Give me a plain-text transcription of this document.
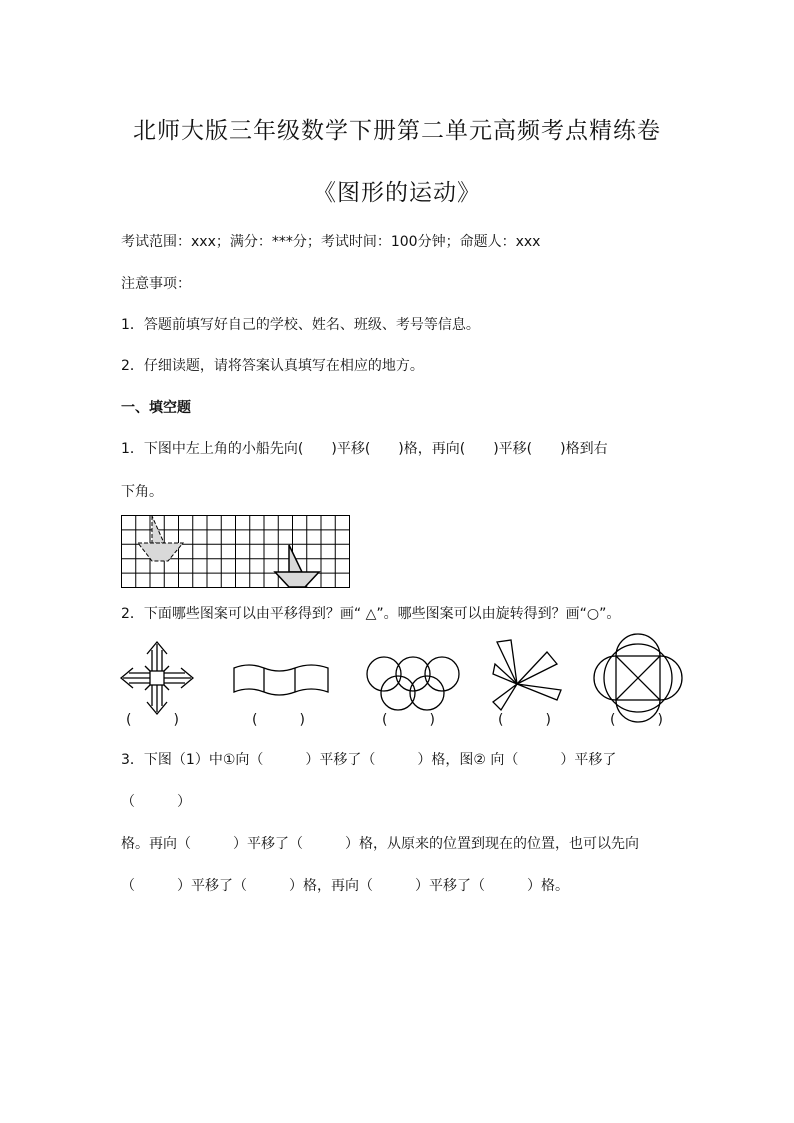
北师大版三年级数学下册第二单元高频考点精练卷
《图形的运动》
考试范围：xxx；满分：***分；考试时间：100分钟；命题人：xxx
注意事项：
1．答题前填写好自己的学校、姓名、班级、考号等信息。
2．仔细读题，请将答案认真填写在相应的地方。
一、填空题
1．下图中左上角的小船先向(　　)平移(　　)格，再向(　　)平移(　　)格到右
下角。
2．下面哪些图案可以由平移得到？画“ △”。哪些图案可以由旋转得到？画“○”。
(　　　)	(　　　)	(　　　)	(　　　)	(　　　)
3．下图（1）中①向（　　　）平移了（　　　）格，图② 向（　　　）平移了
（　　　）
格。再向（　　　）平移了（　　　）格，从原来的位置到现在的位置，也可以先向
（　　　）平移了（　　　）格，再向（　　　）平移了（　　　）格。
